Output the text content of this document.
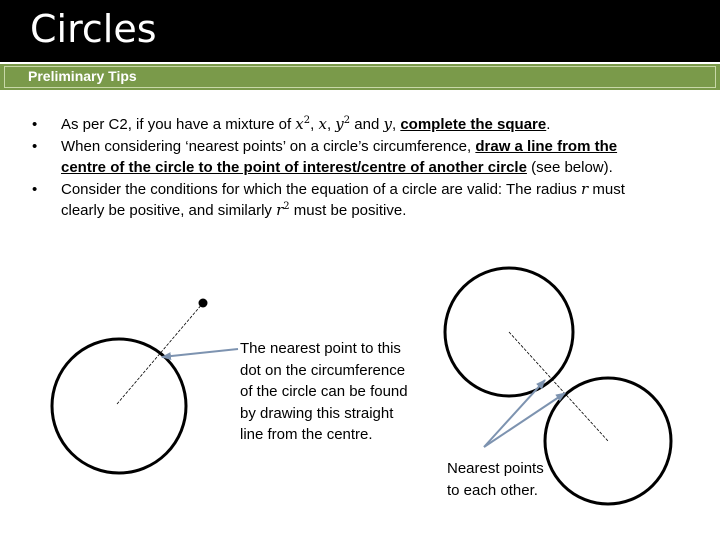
Circles
Preliminary Tips
• As per C2, if you have a mixture of $x^2$, x, $y^2$ and y, complete the square.
• When considering ‘nearest points’ on a circle’s circumference, draw a line from the centre of the circle to the point of interest/centre of another circle (see below).
• Consider the conditions for which the equation of a circle are valid: The radius r must clearly be positive, and similarly $r^2$ must be positive.
The nearest point to this dot on the circumference of the circle can be found by drawing this straight line from the centre.
Nearest points to each other.
